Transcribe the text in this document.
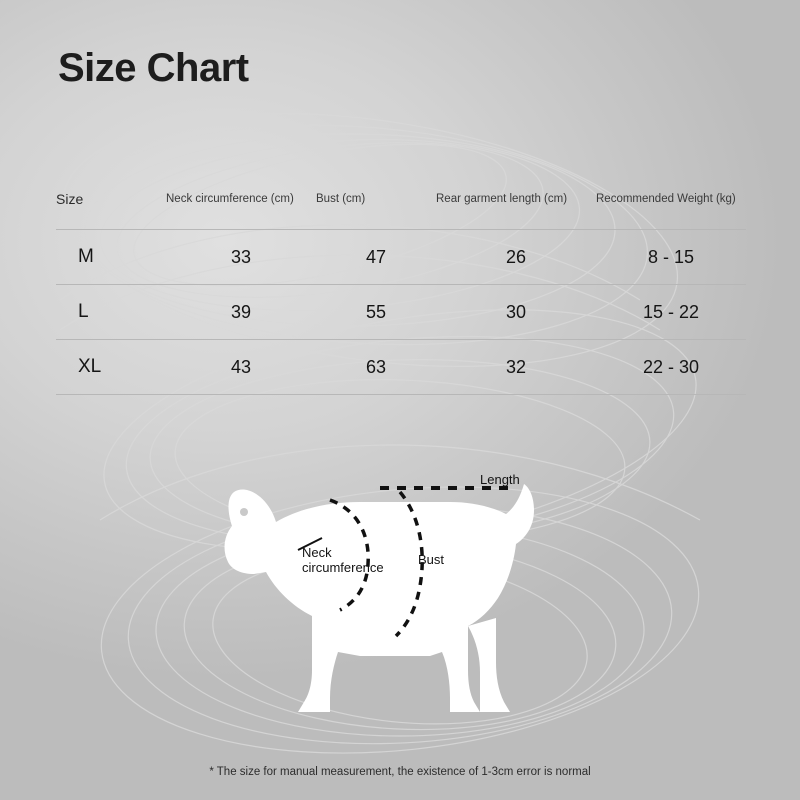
Size Chart
Size	Neck circumference (cm)	Bust (cm)	Rear garment length (cm)	Recommended Weight (kg)
M	33	47	26	8 - 15
L	39	55	30	15 - 22
XL	43	63	32	22 - 30
Length
Neck circumference
Bust
* The size for manual measurement, the existence of 1-3cm error is normal
